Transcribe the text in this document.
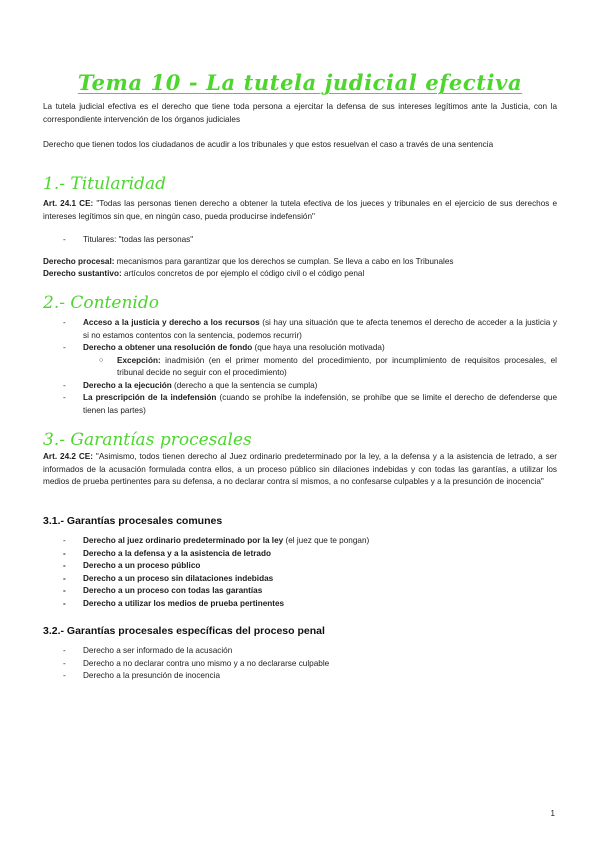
Tema 10 - La tutela judicial efectiva
La tutela judicial efectiva es el derecho que tiene toda persona a ejercitar la defensa de sus intereses legítimos ante la Justicia, con la correspondiente intervención de los órganos judiciales
Derecho que tienen todos los ciudadanos de acudir a los tribunales y que estos resuelvan el caso a través de una sentencia
1.- Titularidad
Art. 24.1 CE: "Todas las personas tienen derecho a obtener la tutela efectiva de los jueces y tribunales en el ejercicio de sus derechos e intereses legítimos sin que, en ningún caso, pueda producirse indefensión"
- Titulares: "todas las personas"
Derecho procesal: mecanismos para garantizar que los derechos se cumplan. Se lleva a cabo en los Tribunales
Derecho sustantivo: artículos concretos de por ejemplo el código civil o el código penal
2.- Contenido
- Acceso a la justicia y derecho a los recursos (si hay una situación que te afecta tenemos el derecho de acceder a la justicia y si no estamos contentos con la sentencia, podemos recurrir)
- Derecho a obtener una resolución de fondo (que haya una resolución motivada)
○ Excepción: inadmisión (en el primer momento del procedimiento, por incumplimiento de requisitos procesales, el tribunal decide no seguir con el procedimiento)
- Derecho a la ejecución (derecho a que la sentencia se cumpla)
- La prescripción de la indefensión (cuando se prohíbe la indefensión, se prohíbe que se limite el derecho de defenderse que tienen las partes)
3.- Garantías procesales
Art. 24.2 CE: "Asimismo, todos tienen derecho al Juez ordinario predeterminado por la ley, a la defensa y a la asistencia de letrado, a ser informados de la acusación formulada contra ellos, a un proceso público sin dilaciones indebidas y con todas las garantías, a utilizar los medios de prueba pertinentes para su defensa, a no declarar contra sí mismos, a no confesarse culpables y a la presunción de inocencia"
3.1.- Garantías procesales comunes
- Derecho al juez ordinario predeterminado por la ley (el juez que te pongan)
- Derecho a la defensa y a la asistencia de letrado
- Derecho a un proceso público
- Derecho a un proceso sin dilataciones indebidas
- Derecho a un proceso con todas las garantías
- Derecho a utilizar los medios de prueba pertinentes
3.2.- Garantías procesales específicas del proceso penal
- Derecho a ser informado de la acusación
- Derecho a no declarar contra uno mismo y a no declararse culpable
- Derecho a la presunción de inocencia
1
